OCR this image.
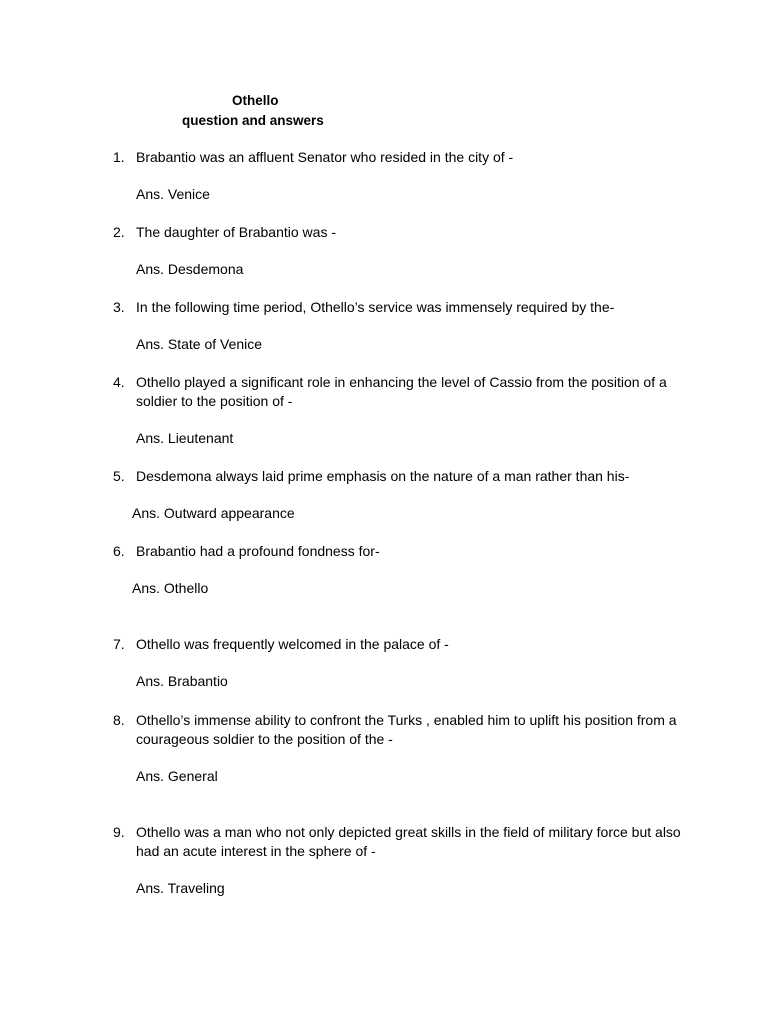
Othello
question and answers
1. Brabantio was an affluent Senator who resided in the city of -
Ans. Venice
2. The daughter of Brabantio was -
Ans. Desdemona
3. In the following time period, Othello’s service was immensely required by the-
Ans. State of Venice
4. Othello played a significant role in enhancing the level of Cassio from the position of a
soldier to the position of -
Ans. Lieutenant
5. Desdemona always laid prime emphasis on the nature of a man rather than his-
Ans. Outward appearance
6. Brabantio had a profound fondness for-
Ans. Othello
7. Othello was frequently welcomed in the palace of -
Ans. Brabantio
8. Othello’s immense ability to confront the Turks , enabled him to uplift his position from a
courageous soldier to the position of the -
Ans. General
9. Othello was a man who not only depicted great skills in the field of military force but also
had an acute interest in the sphere of -
Ans. Traveling
